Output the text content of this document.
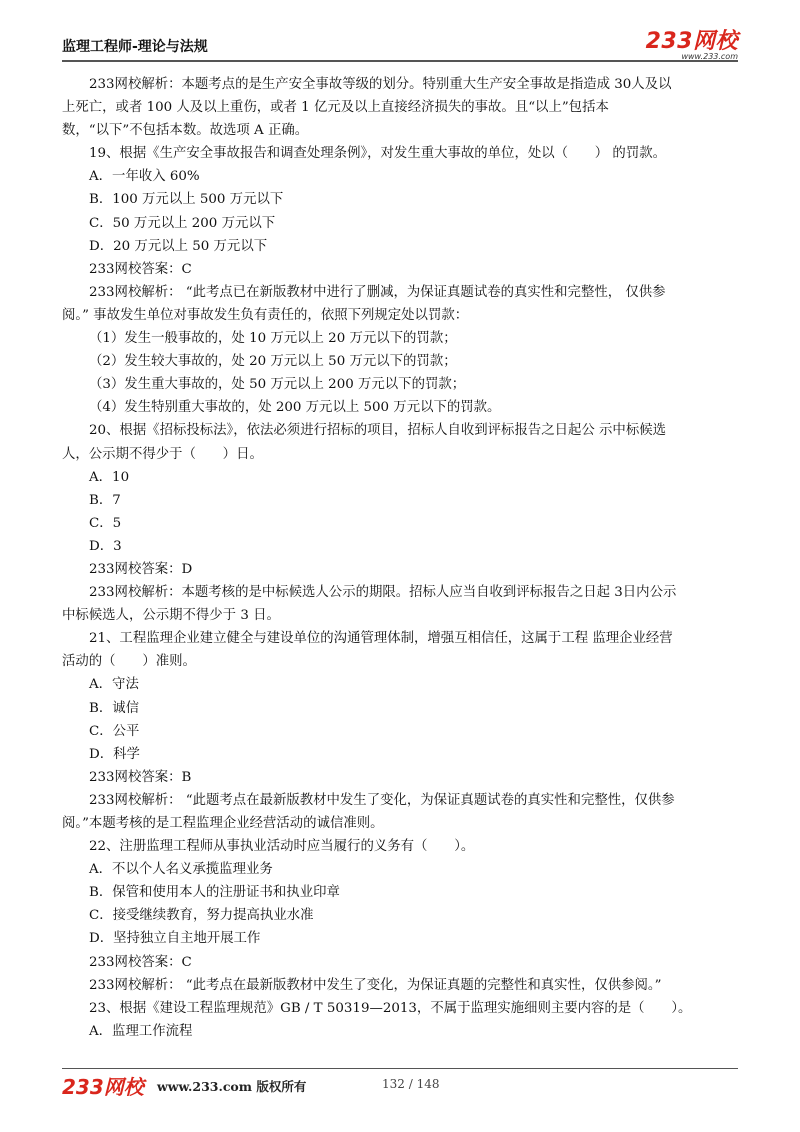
监理工程师-理论与法规	233网校
www.233.com
233网校解析：本题考点的是生产安全事故等级的划分。特别重大生产安全事故是指造成 30人及以
上死亡，或者 100 人及以上重伤，或者 1 亿元及以上直接经济损失的事故。且“以上”包括本
数，“以下”不包括本数。故选项 A 正确。
19、根据《生产安全事故报告和调查处理条例》，对发生重大事故的单位，处以（　　） 的罚款。
A．一年收入 60%
B．100 万元以上 500 万元以下
C．50 万元以上 200 万元以下
D．20 万元以上 50 万元以下
233网校答案：C
233网校解析： “此考点已在新版教材中进行了删减，为保证真题试卷的真实性和完整性， 仅供参
阅。” 事故发生单位对事故发生负有责任的，依照下列规定处以罚款：
（1）发生一般事故的，处 10 万元以上 20 万元以下的罚款；
（2）发生较大事故的，处 20 万元以上 50 万元以下的罚款；
（3）发生重大事故的，处 50 万元以上 200 万元以下的罚款；
（4）发生特别重大事故的，处 200 万元以上 500 万元以下的罚款。
20、根据《招标投标法》，依法必须进行招标的项目，招标人自收到评标报告之日起公 示中标候选
人，公示期不得少于（　　）日。
A．10
B．7
C．5
D．3
233网校答案：D
233网校解析：本题考核的是中标候选人公示的期限。招标人应当自收到评标报告之日起 3日内公示
中标候选人，公示期不得少于 3 日。
21、工程监理企业建立健全与建设单位的沟通管理体制，增强互相信任，这属于工程 监理企业经营
活动的（　　）准则。
A．守法
B．诚信
C．公平
D．科学
233网校答案：B
233网校解析： “此题考点在最新版教材中发生了变化，为保证真题试卷的真实性和完整性，仅供参
阅。”本题考核的是工程监理企业经营活动的诚信准则。
22、注册监理工程师从事执业活动时应当履行的义务有（　　）。
A．不以个人名义承揽监理业务
B．保管和使用本人的注册证书和执业印章
C．接受继续教育，努力提高执业水准
D．坚持独立自主地开展工作
233网校答案：C
233网校解析： “此考点在最新版教材中发生了变化，为保证真题的完整性和真实性，仅供参阅。”
23、根据《建设工程监理规范》GB / T 50319—2013，不属于监理实施细则主要内容的是（　　）。
A．监理工作流程
233网校 www.233.com 版权所有	132 / 148
